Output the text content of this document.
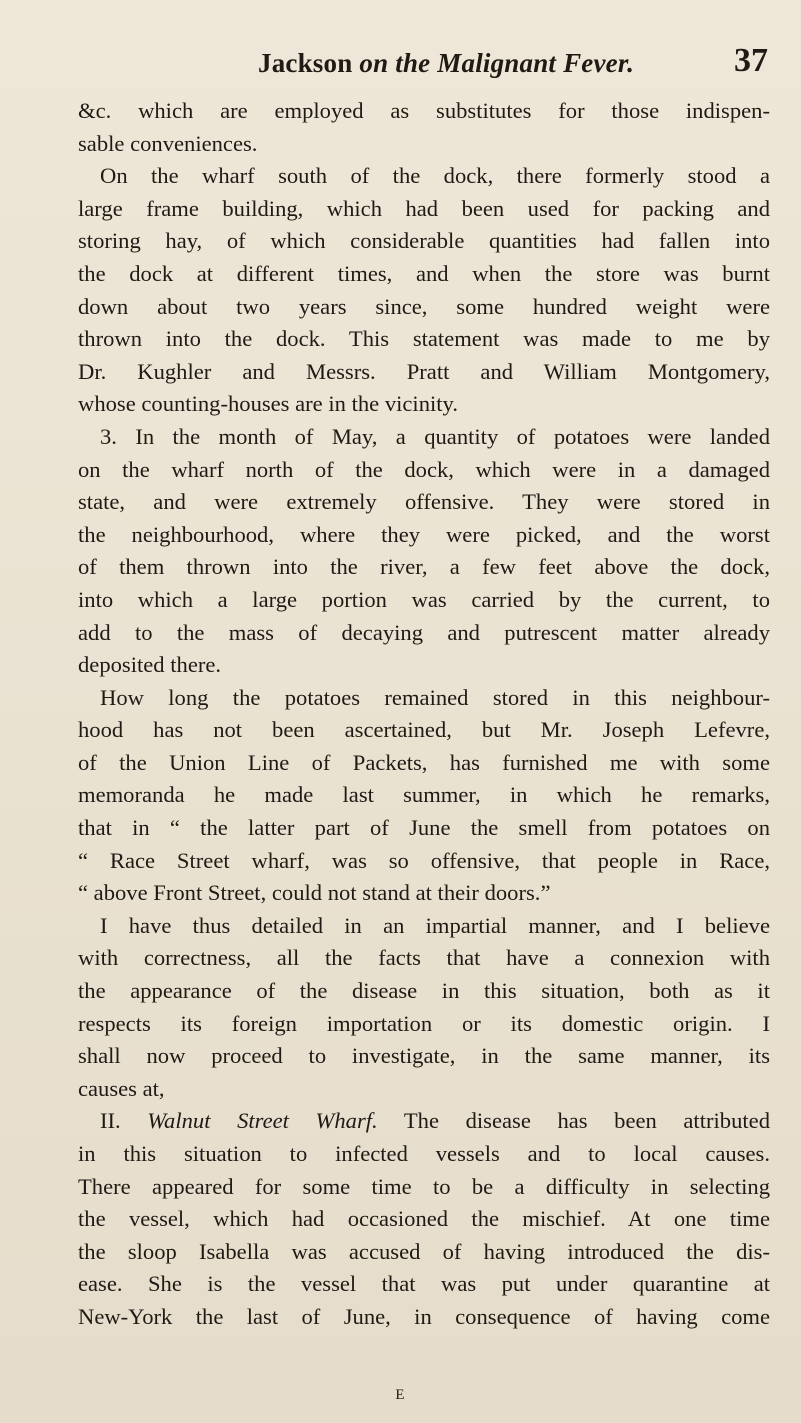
Jackson on the Malignant Fever.	37
&c. which are employed as substitutes for those indispen-
sable conveniences.
On the wharf south of the dock, there formerly stood a
large frame building, which had been used for packing and
storing hay, of which considerable quantities had fallen into
the dock at different times, and when the store was burnt
down about two years since, some hundred weight were
thrown into the dock. This statement was made to me by
Dr. Kughler and Messrs. Pratt and William Montgomery,
whose counting-houses are in the vicinity.
3. In the month of May, a quantity of potatoes were landed
on the wharf north of the dock, which were in a damaged
state, and were extremely offensive. They were stored in
the neighbourhood, where they were picked, and the worst
of them thrown into the river, a few feet above the dock,
into which a large portion was carried by the current, to
add to the mass of decaying and putrescent matter already
deposited there.
How long the potatoes remained stored in this neighbour-
hood has not been ascertained, but Mr. Joseph Lefevre,
of the Union Line of Packets, has furnished me with some
memoranda he made last summer, in which he remarks,
that in “ the latter part of June the smell from potatoes on
“ Race Street wharf, was so offensive, that people in Race,
“ above Front Street, could not stand at their doors.”
I have thus detailed in an impartial manner, and I believe
with correctness, all the facts that have a connexion with
the appearance of the disease in this situation, both as it
respects its foreign importation or its domestic origin. I
shall now proceed to investigate, in the same manner, its
causes at,
II. Walnut Street Wharf. The disease has been attributed
in this situation to infected vessels and to local causes.
There appeared for some time to be a difficulty in selecting
the vessel, which had occasioned the mischief. At one time
the sloop Isabella was accused of having introduced the dis-
ease. She is the vessel that was put under quarantine at
New-York the last of June, in consequence of having come
E
